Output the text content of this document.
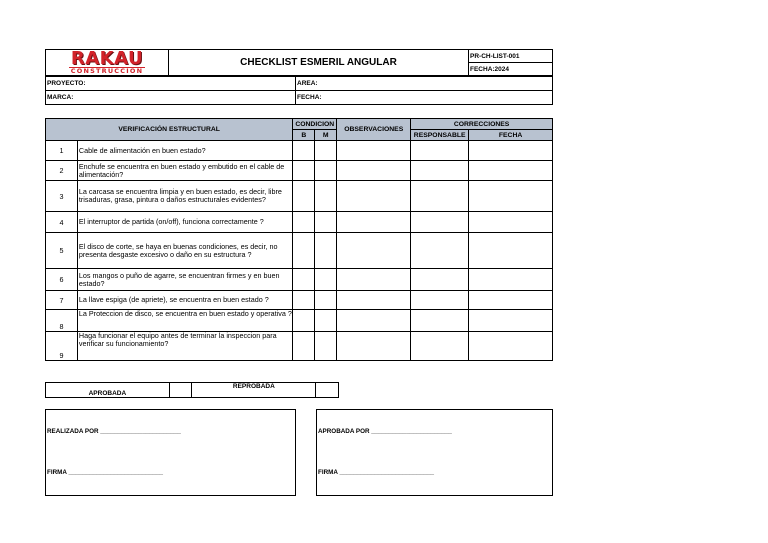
RAKAU
CONSTRUCCION	CHECKLIST ESMERIL ANGULAR	PR-CH-LIST-001
FECHA:2024
PROYECTO:	AREA:
MARCA:	FECHA:
VERIFICACIÓN ESTRUCTURAL		CONDICION		OBSERVACIONES	CORRECCIONES	
		B	M		RESPONSABLE	FECHA
1	Cable de alimentación en buen estado?					
2	Enchufe se encuentra en buen estado y embutido en el cable de alimentación?					
3	La carcasa se encuentra limpia y en buen estado, es decir, libre trisaduras, grasa, pintura o daños estructurales evidentes?					
4	El interruptor de partida (on/off), funciona correctamente ?					
5	El disco de corte, se haya en buenas condiciones, es decir, no presenta desgaste excesivo o daño en su estructura ?					
6	Los mangos o puño de agarre, se encuentran firmes y en buen estado?					
7	La llave espiga (de apriete), se encuentra en buen estado ?					
8	La Proteccion de disco, se encuentra en buen estado y operativa ?					
9	Haga funcionar el equipo antes de terminar la inspeccion para verificar su funcionamiento?					
APROBADA		REPROBADA	
REALIZADA POR _______________________
FIRMA ___________________________
APROBADA POR _______________________
FIRMA ___________________________
